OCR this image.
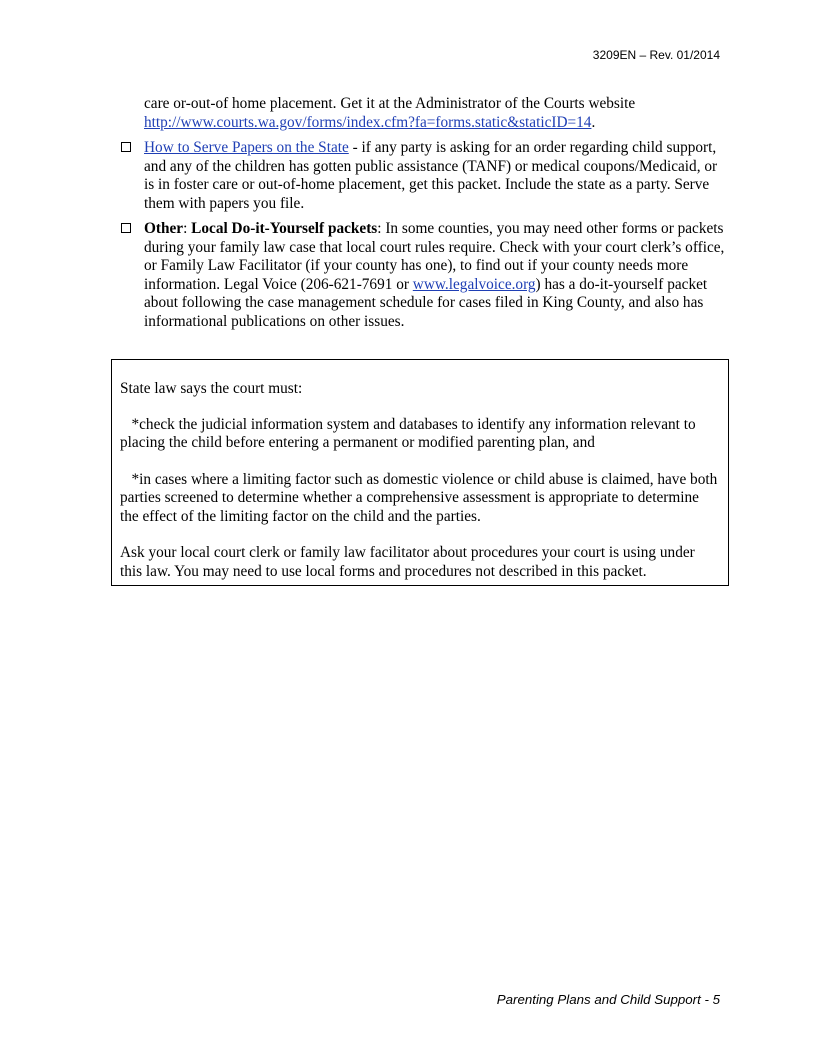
3209EN – Rev. 01/2014

care or-out-of home placement. Get it at the Administrator of the Courts website
http://www.courts.wa.gov/forms/index.cfm?fa=forms.static&staticID=14.

How to Serve Papers on the State - if any party is asking for an order regarding child support, and any of the children has gotten public assistance (TANF) or medical coupons/Medicaid, or is in foster care or out-of-home placement, get this packet. Include the state as a party. Serve them with papers you file.

Other: Local Do-it-Yourself packets: In some counties, you may need other forms or packets during your family law case that local court rules require. Check with your court clerk’s office, or Family Law Facilitator (if your county has one), to find out if your county needs more information. Legal Voice (206-621-7691 or www.legalvoice.org) has a do-it-yourself packet about following the case management schedule for cases filed in King County, and also has informational publications on other issues.

State law says the court must:

*check the judicial information system and databases to identify any information relevant to placing the child before entering a permanent or modified parenting plan, and

*in cases where a limiting factor such as domestic violence or child abuse is claimed, have both parties screened to determine whether a comprehensive assessment is appropriate to determine the effect of the limiting factor on the child and the parties.

Ask your local court clerk or family law facilitator about procedures your court is using under this law. You may need to use local forms and procedures not described in this packet.

Parenting Plans and Child Support - 5
